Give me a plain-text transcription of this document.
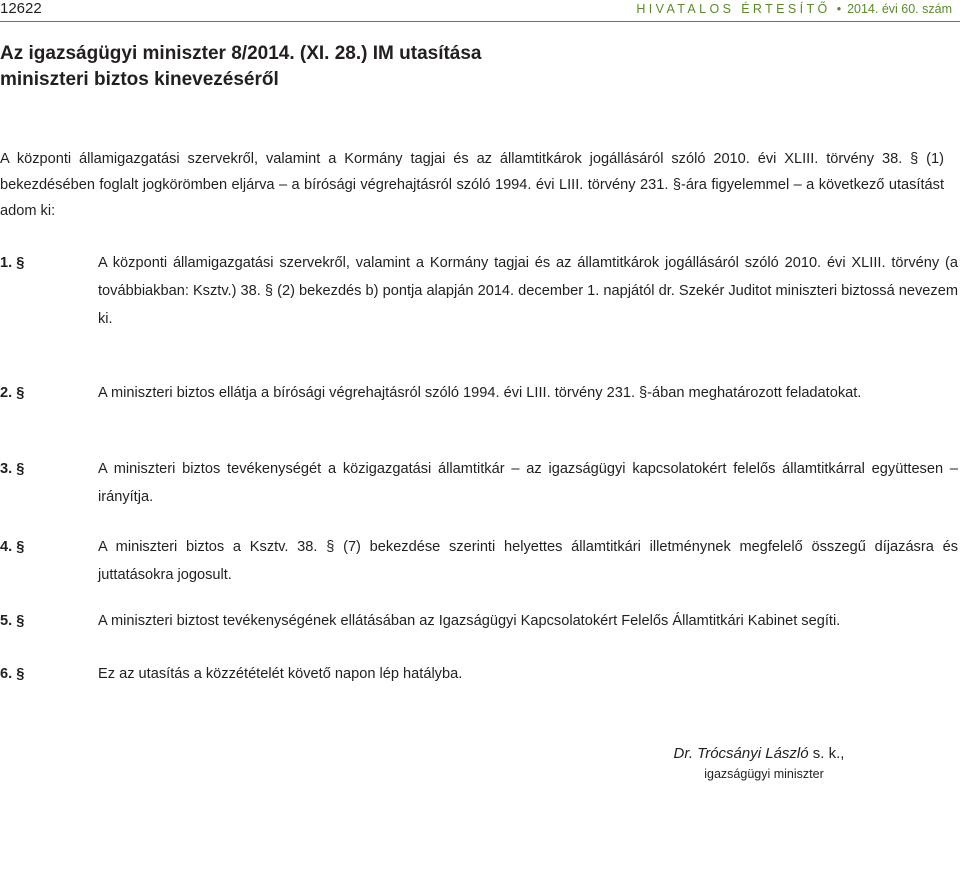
12622	HIVATALOS ÉRTESÍTŐ • 2014. évi 60. szám
Az igazságügyi miniszter 8/2014. (XI. 28.) IM utasítása
miniszteri biztos kinevezéséről

A központi államigazgatási szervekről, valamint a Kormány tagjai és az államtitkárok jogállásáról szóló 2010. évi XLIII. törvény 38. § (1) bekezdésében foglalt jogkörömben eljárva – a bírósági végrehajtásról szóló 1994. évi LIII. törvény 231. §-ára figyelemmel – a következő utasítást adom ki:

1. §	A központi államigazgatási szervekről, valamint a Kormány tagjai és az államtitkárok jogállásáról szóló 2010. évi XLIII. törvény (a továbbiakban: Ksztv.) 38. § (2) bekezdés b) pontja alapján 2014. december 1. napjától dr. Szekér Juditot miniszteri biztossá nevezem ki.

2. §	A miniszteri biztos ellátja a bírósági végrehajtásról szóló 1994. évi LIII. törvény 231. §-ában meghatározott feladatokat.

3. §	A miniszteri biztos tevékenységét a közigazgatási államtitkár – az igazságügyi kapcsolatokért felelős államtitkárral együttesen – irányítja.

4. §	A miniszteri biztos a Ksztv. 38. § (7) bekezdése szerinti helyettes államtitkári illetménynek megfelelő összegű díjazásra és juttatásokra jogosult.

5. §	A miniszteri biztost tevékenységének ellátásában az Igazságügyi Kapcsolatokért Felelős Államtitkári Kabinet segíti.

6. §	Ez az utasítás a közzétételét követő napon lép hatályba.

Dr. Trócsányi László s. k.,
igazságügyi miniszter
